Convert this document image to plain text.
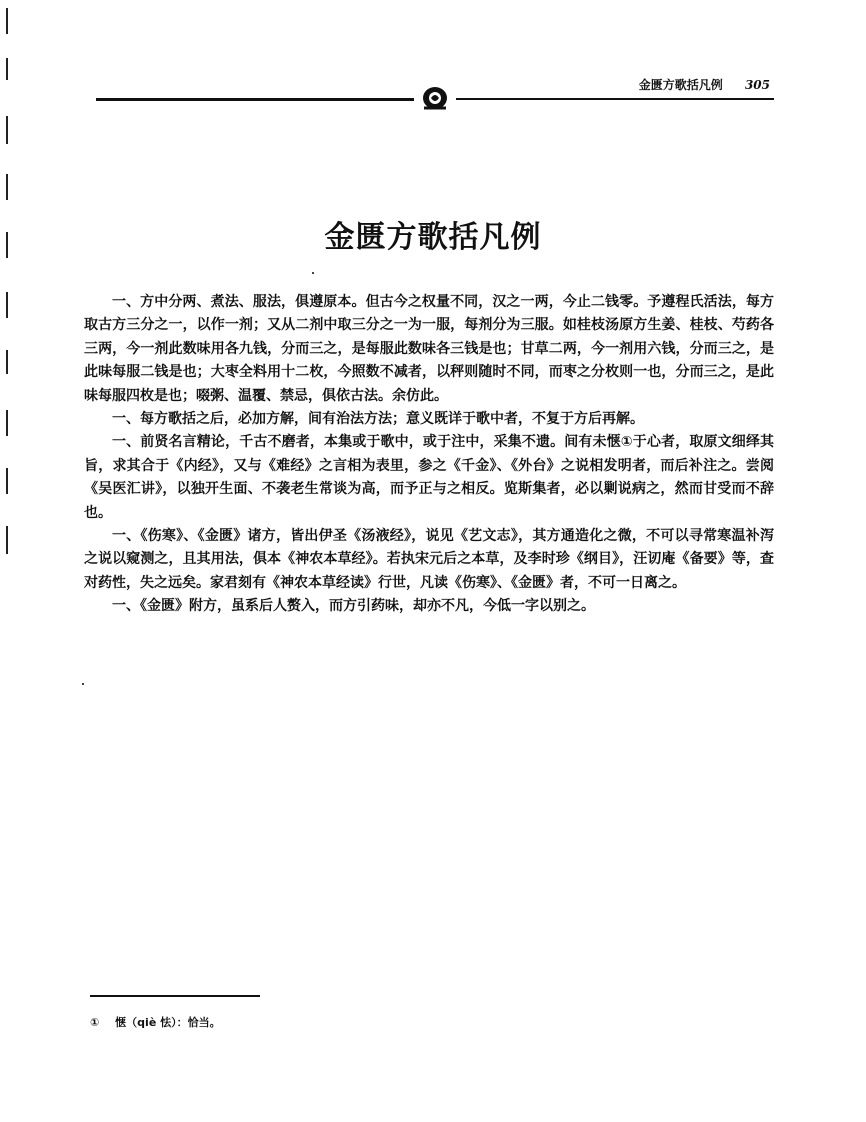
金匮方歌括凡例 305
金匮方歌括凡例

一、方中分两、煮法、服法，俱遵原本。但古今之权量不同，汉之一两，今止二钱零。予遵程氏活法，每方取古方三分之一，以作一剂；又从二剂中取三分之一为一服，每剂分为三服。如桂枝汤原方生姜、桂枝、芍药各三两，今一剂此数味用各九钱，分而三之，是每服此数味各三钱是也；甘草二两，今一剂用六钱，分而三之，是此味每服二钱是也；大枣全料用十二枚，今照数不减者，以秤则随时不同，而枣之分枚则一也，分而三之，是此味每服四枚是也；啜粥、温覆、禁忌，俱依古法。余仿此。

一、每方歌括之后，必加方解，间有治法方法；意义既详于歌中者，不复于方后再解。

一、前贤名言精论，千古不磨者，本集或于歌中，或于注中，采集不遗。间有未惬①于心者，取原文细绎其旨，求其合于《内经》，又与《难经》之言相为表里，参之《千金》、《外台》之说相发明者，而后补注之。尝阅《吴医汇讲》，以独开生面、不袭老生常谈为高，而予正与之相反。览斯集者，必以剿说病之，然而甘受而不辞也。

一、《伤寒》、《金匮》诸方，皆出伊圣《汤液经》，说见《艺文志》，其方通造化之微，不可以寻常寒温补泻之说以窥测之，且其用法，俱本《神农本草经》。若执宋元后之本草，及李时珍《纲目》，汪讱庵《备要》等，查对药性，失之远矣。家君刻有《神农本草经读》行世，凡读《伤寒》、《金匮》者，不可一日离之。

一、《金匮》附方，虽系后人赘入，而方引药味，却亦不凡，今低一字以别之。

① 惬（qiè 怯）：恰当。
